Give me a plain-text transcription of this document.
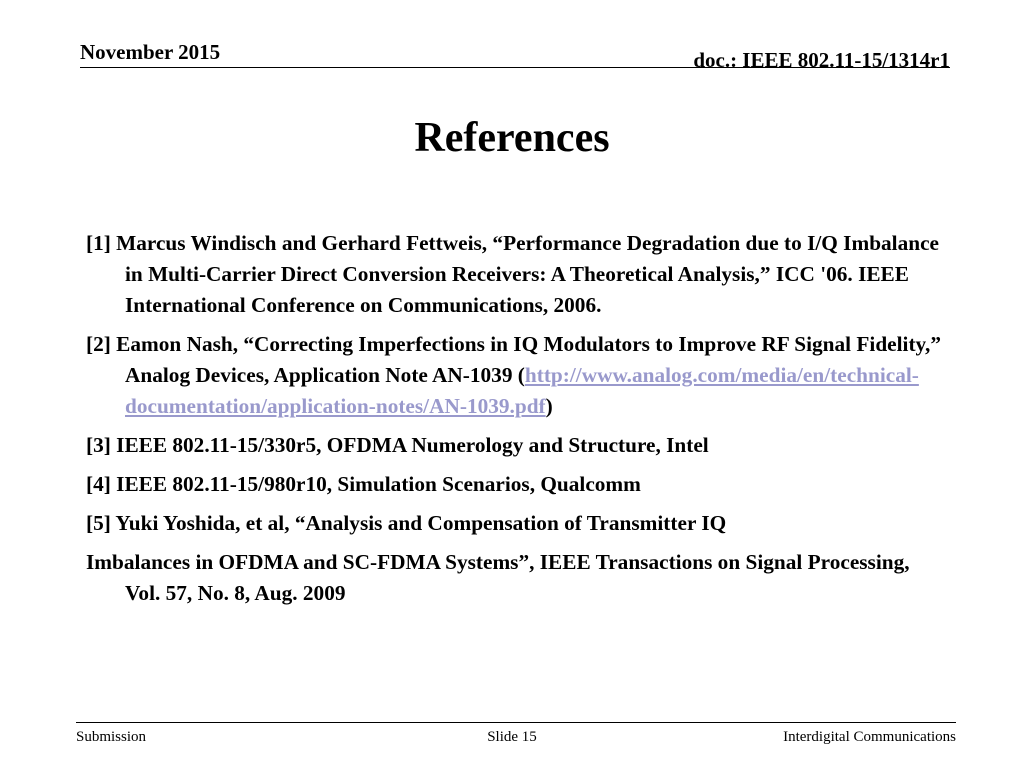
November 2015	doc.: IEEE 802.11-15/1314r1
References
[1] Marcus Windisch and Gerhard Fettweis, “Performance Degradation due to I/Q Imbalance in Multi-Carrier Direct Conversion Receivers: A Theoretical Analysis,” ICC '06. IEEE International Conference on Communications, 2006.
[2] Eamon Nash, “Correcting Imperfections in IQ Modulators to Improve RF Signal Fidelity,” Analog Devices, Application Note AN-1039 (http://www.analog.com/media/en/technical-documentation/application-notes/AN-1039.pdf)
[3] IEEE 802.11-15/330r5, OFDMA Numerology and Structure, Intel
[4] IEEE 802.11-15/980r10, Simulation Scenarios, Qualcomm
[5] Yuki Yoshida, et al, “Analysis and Compensation of Transmitter IQ
Imbalances in OFDMA and SC-FDMA Systems”, IEEE Transactions on Signal Processing, Vol. 57, No. 8, Aug. 2009
Submission	Slide 15	Interdigital Communications
